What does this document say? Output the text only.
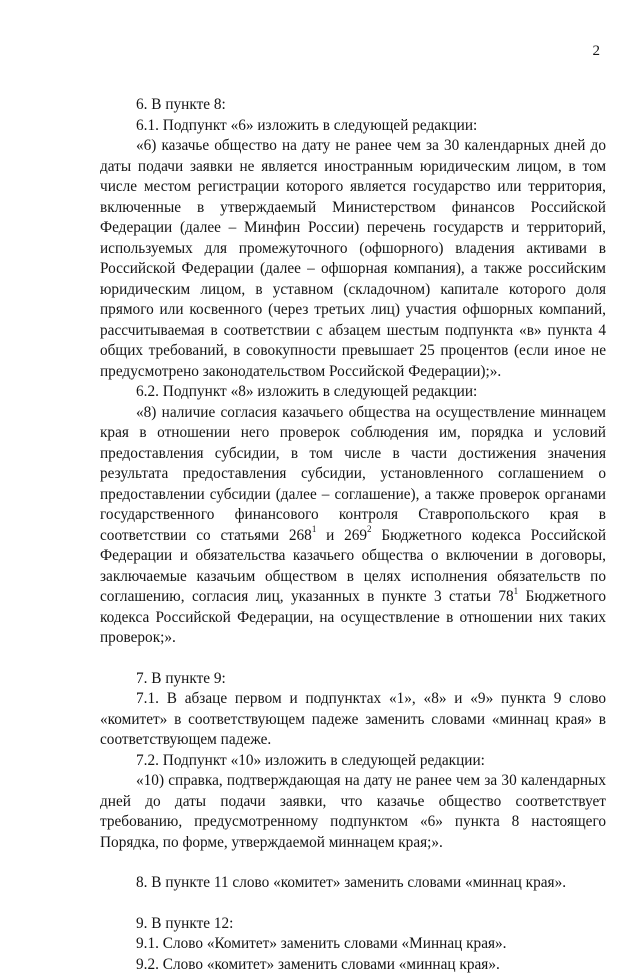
2

6. В пункте 8:

6.1. Подпункт «6» изложить в следующей редакции:

«6) казачье общество на дату не ранее чем за 30 календарных дней до даты подачи заявки не является иностранным юридическим лицом, в том числе местом регистрации которого является государство или территория, включенные в утверждаемый Министерством финансов Российской Федерации (далее – Минфин России) перечень государств и территорий, используемых для промежуточного (офшорного) владения активами в Российской Федерации (далее – офшорная компания), а также российским юридическим лицом, в уставном (складочном) капитале которого доля прямого или косвенного (через третьих лиц) участия офшорных компаний, рассчитываемая в соответствии с абзацем шестым подпункта «в» пункта 4 общих требований, в совокупности превышает 25 процентов (если иное не предусмотрено законодательством Российской Федерации);».

6.2. Подпункт «8» изложить в следующей редакции:

«8) наличие согласия казачьего общества на осуществление миннацем края в отношении него проверок соблюдения им, порядка и условий предоставления субсидии, в том числе в части достижения значения результата предоставления субсидии, установленного соглашением о предоставлении субсидии (далее – соглашение), а также проверок органами государственного финансового контроля Ставропольского края в соответствии со статьями $268^1$ и $269^2$ Бюджетного кодекса Российской Федерации и обязательства казачьего общества о включении в договоры, заключаемые казачьим обществом в целях исполнения обязательств по соглашению, согласия лиц, указанных в пункте 3 статьи $78^1$ Бюджетного кодекса Российской Федерации, на осуществление в отношении них таких проверок;».

7. В пункте 9:

7.1. В абзаце первом и подпунктах «1», «8» и «9» пункта 9 слово «комитет» в соответствующем падеже заменить словами «миннац края» в соответствующем падеже.

7.2. Подпункт «10» изложить в следующей редакции:

«10) справка, подтверждающая на дату не ранее чем за 30 календарных дней до даты подачи заявки, что казачье общество соответствует требованию, предусмотренному подпунктом «6» пункта 8 настоящего Порядка, по форме, утверждаемой миннацем края;».

8. В пункте 11 слово «комитет» заменить словами «миннац края».

9. В пункте 12:

9.1. Слово «Комитет» заменить словами «Миннац края».

9.2. Слово «комитет» заменить словами «миннац края».
